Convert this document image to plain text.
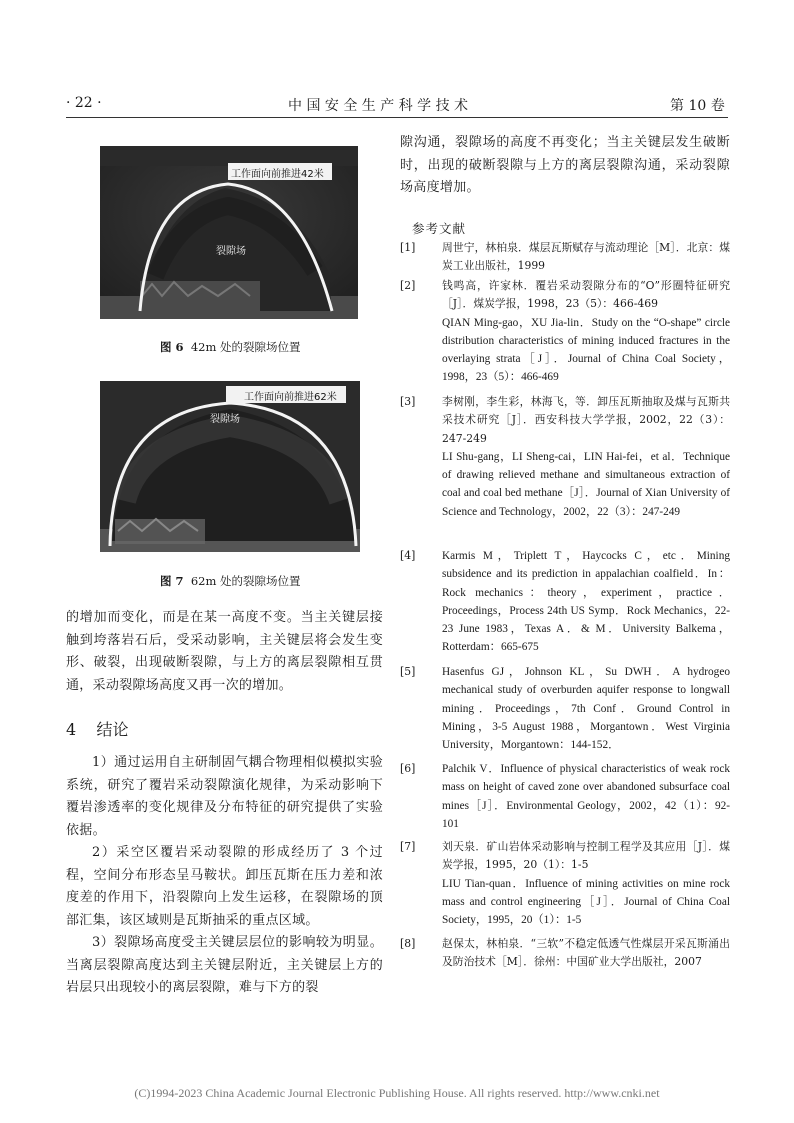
· 22 ·	中 国 安 全 生 产 科 学 技 术	第 10 卷
工作面向前推进42米
裂隙场
图 6 42m 处的裂隙场位置
工作面向前推进62米
裂隙场
图 7 62m 处的裂隙场位置

的增加而变化，而是在某一高度不变。当主关键层接触到垮落岩石后，受采动影响，主关键层将会发生变形、破裂，出现破断裂隙，与上方的离层裂隙相互贯通，采动裂隙场高度又再一次的增加。

4 结论

1）通过运用自主研制固气耦合物理相似模拟实验系统，研究了覆岩采动裂隙演化规律，为采动影响下覆岩渗透率的变化规律及分布特征的研究提供了实验依据。

2）采空区覆岩采动裂隙的形成经历了 3 个过程，空间分布形态呈马鞍状。卸压瓦斯在压力差和浓度差的作用下，沿裂隙向上发生运移，在裂隙场的顶部汇集，该区域则是瓦斯抽采的重点区域。

3）裂隙场高度受主关键层层位的影响较为明显。当离层裂隙高度达到主关键层附近，主关键层上方的岩层只出现较小的离层裂隙，难与下方的裂

隙沟通，裂隙场的高度不再变化；当主关键层发生破断时，出现的破断裂隙与上方的离层裂隙沟通，采动裂隙场高度增加。

参考文献
[1] 周世宁，林柏泉．煤层瓦斯赋存与流动理论［M］．北京：煤炭工业出版社，1999
[2] 钱鸣高，许家林．覆岩采动裂隙分布的“O”形圈特征研究［J］．煤炭学报，1998，23（5）：466-469
QIAN Ming-gao，XU Jia-lin．Study on the “O-shape” circle distribution characteristics of mining induced fractures in the overlaying strata［J］．Journal of China Coal Society，1998，23（5）：466-469
[3] 李树刚，李生彩，林海飞，等．卸压瓦斯抽取及煤与瓦斯共采技术研究［J］．西安科技大学学报，2002，22（3）：247-249
LI Shu-gang，LI Sheng-cai，LIN Hai-fei，et al．Technique of drawing relieved methane and simultaneous extraction of coal and coal bed methane［J］．Journal of Xian University of Science and Technology，2002，22（3）：247-249
[4] Karmis M，Triplett T，Haycocks C，etc．Mining subsidence and its prediction in appalachian coalfield．In：Rock mechanics：theory，experiment，practice．Proceedings，Process 24th US Symp．Rock Mechanics，22-23 June 1983，Texas A．& M．University Balkema，Rotterdam：665-675
[5] Hasenfus GJ，Johnson KL，Su DWH．A hydrogeo mechanical study of overburden aquifer response to longwall mining．Proceedings，7th Conf．Ground Control in Mining，3-5 August 1988，Morgantown．West Virginia University，Morgantown：144-152．
[6] Palchik V．Influence of physical characteristics of weak rock mass on height of caved zone over abandoned subsurface coal mines［J］．Environmental Geology，2002，42（1）：92-101
[7] 刘天泉．矿山岩体采动影响与控制工程学及其应用［J］．煤炭学报，1995，20（1）：1-5
LIU Tian-quan．Influence of mining activities on mine rock mass and control engineering［J］．Journal of China Coal Society，1995，20（1）：1-5
[8] 赵保太，林柏泉．“三软”不稳定低透气性煤层开采瓦斯涌出及防治技术［M］．徐州：中国矿业大学出版社，2007
(C)1994-2023 China Academic Journal Electronic Publishing House. All rights reserved. http://www.cnki.net
